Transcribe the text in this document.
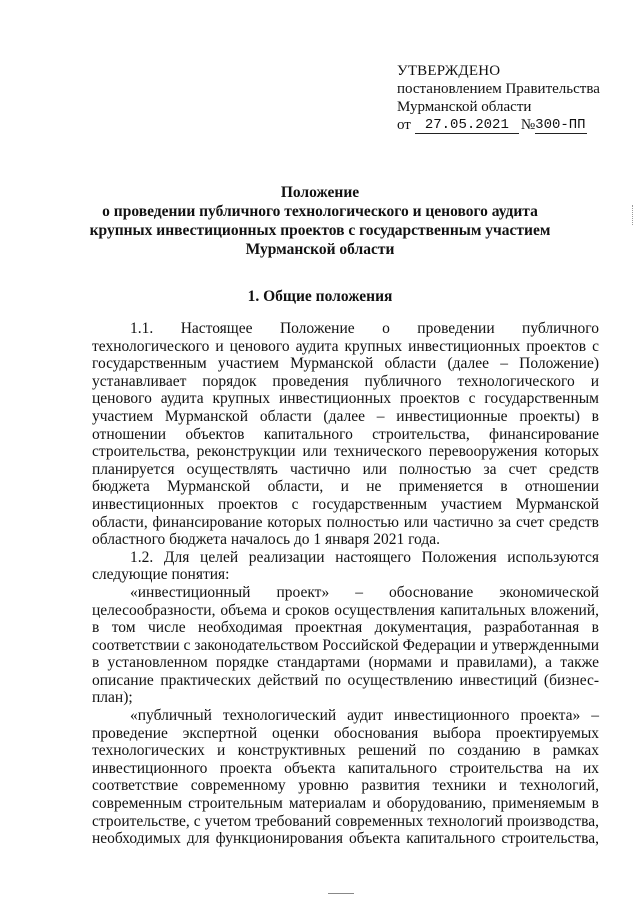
УТВЕРЖДЕНО
постановлением Правительства
Мурманской области
от 27.05.2021 № 300-ПП
Положение
о проведении публичного технологического и ценового аудита
крупных инвестиционных проектов с государственным участием
Мурманской области
1. Общие положения

1.1. Настоящее Положение о проведении публичного технологического и ценового аудита крупных инвестиционных проектов с государственным участием Мурманской области (далее – Положение) устанавливает порядок проведения публичного технологического и ценового аудита крупных инвестиционных проектов с государственным участием Мурманской области (далее – инвестиционные проекты) в отношении объектов капитального строительства, финансирование строительства, реконструкции или технического перевооружения которых планируется осуществлять частично или полностью за счет средств бюджета Мурманской области, и не применяется в отношении инвестиционных проектов с государственным участием Мурманской области, финансирование которых полностью или частично за счет средств областного бюджета началось до 1 января 2021 года.

1.2. Для целей реализации настоящего Положения используются следующие понятия:

«инвестиционный проект» – обоснование экономической целесообразности, объема и сроков осуществления капитальных вложений, в том числе необходимая проектная документация, разработанная в соответствии с законодательством Российской Федерации и утвержденными в установленном порядке стандартами (нормами и правилами), а также описание практических действий по осуществлению инвестиций (бизнес-план);

«публичный технологический аудит инвестиционного проекта» – проведение экспертной оценки обоснования выбора проектируемых технологических и конструктивных решений по созданию в рамках инвестиционного проекта объекта капитального строительства на их соответствие современному уровню развития техники и технологий, современным строительным материалам и оборудованию, применяемым в строительстве, с учетом требований современных технологий производства, необходимых для функционирования объекта капитального строительства,
